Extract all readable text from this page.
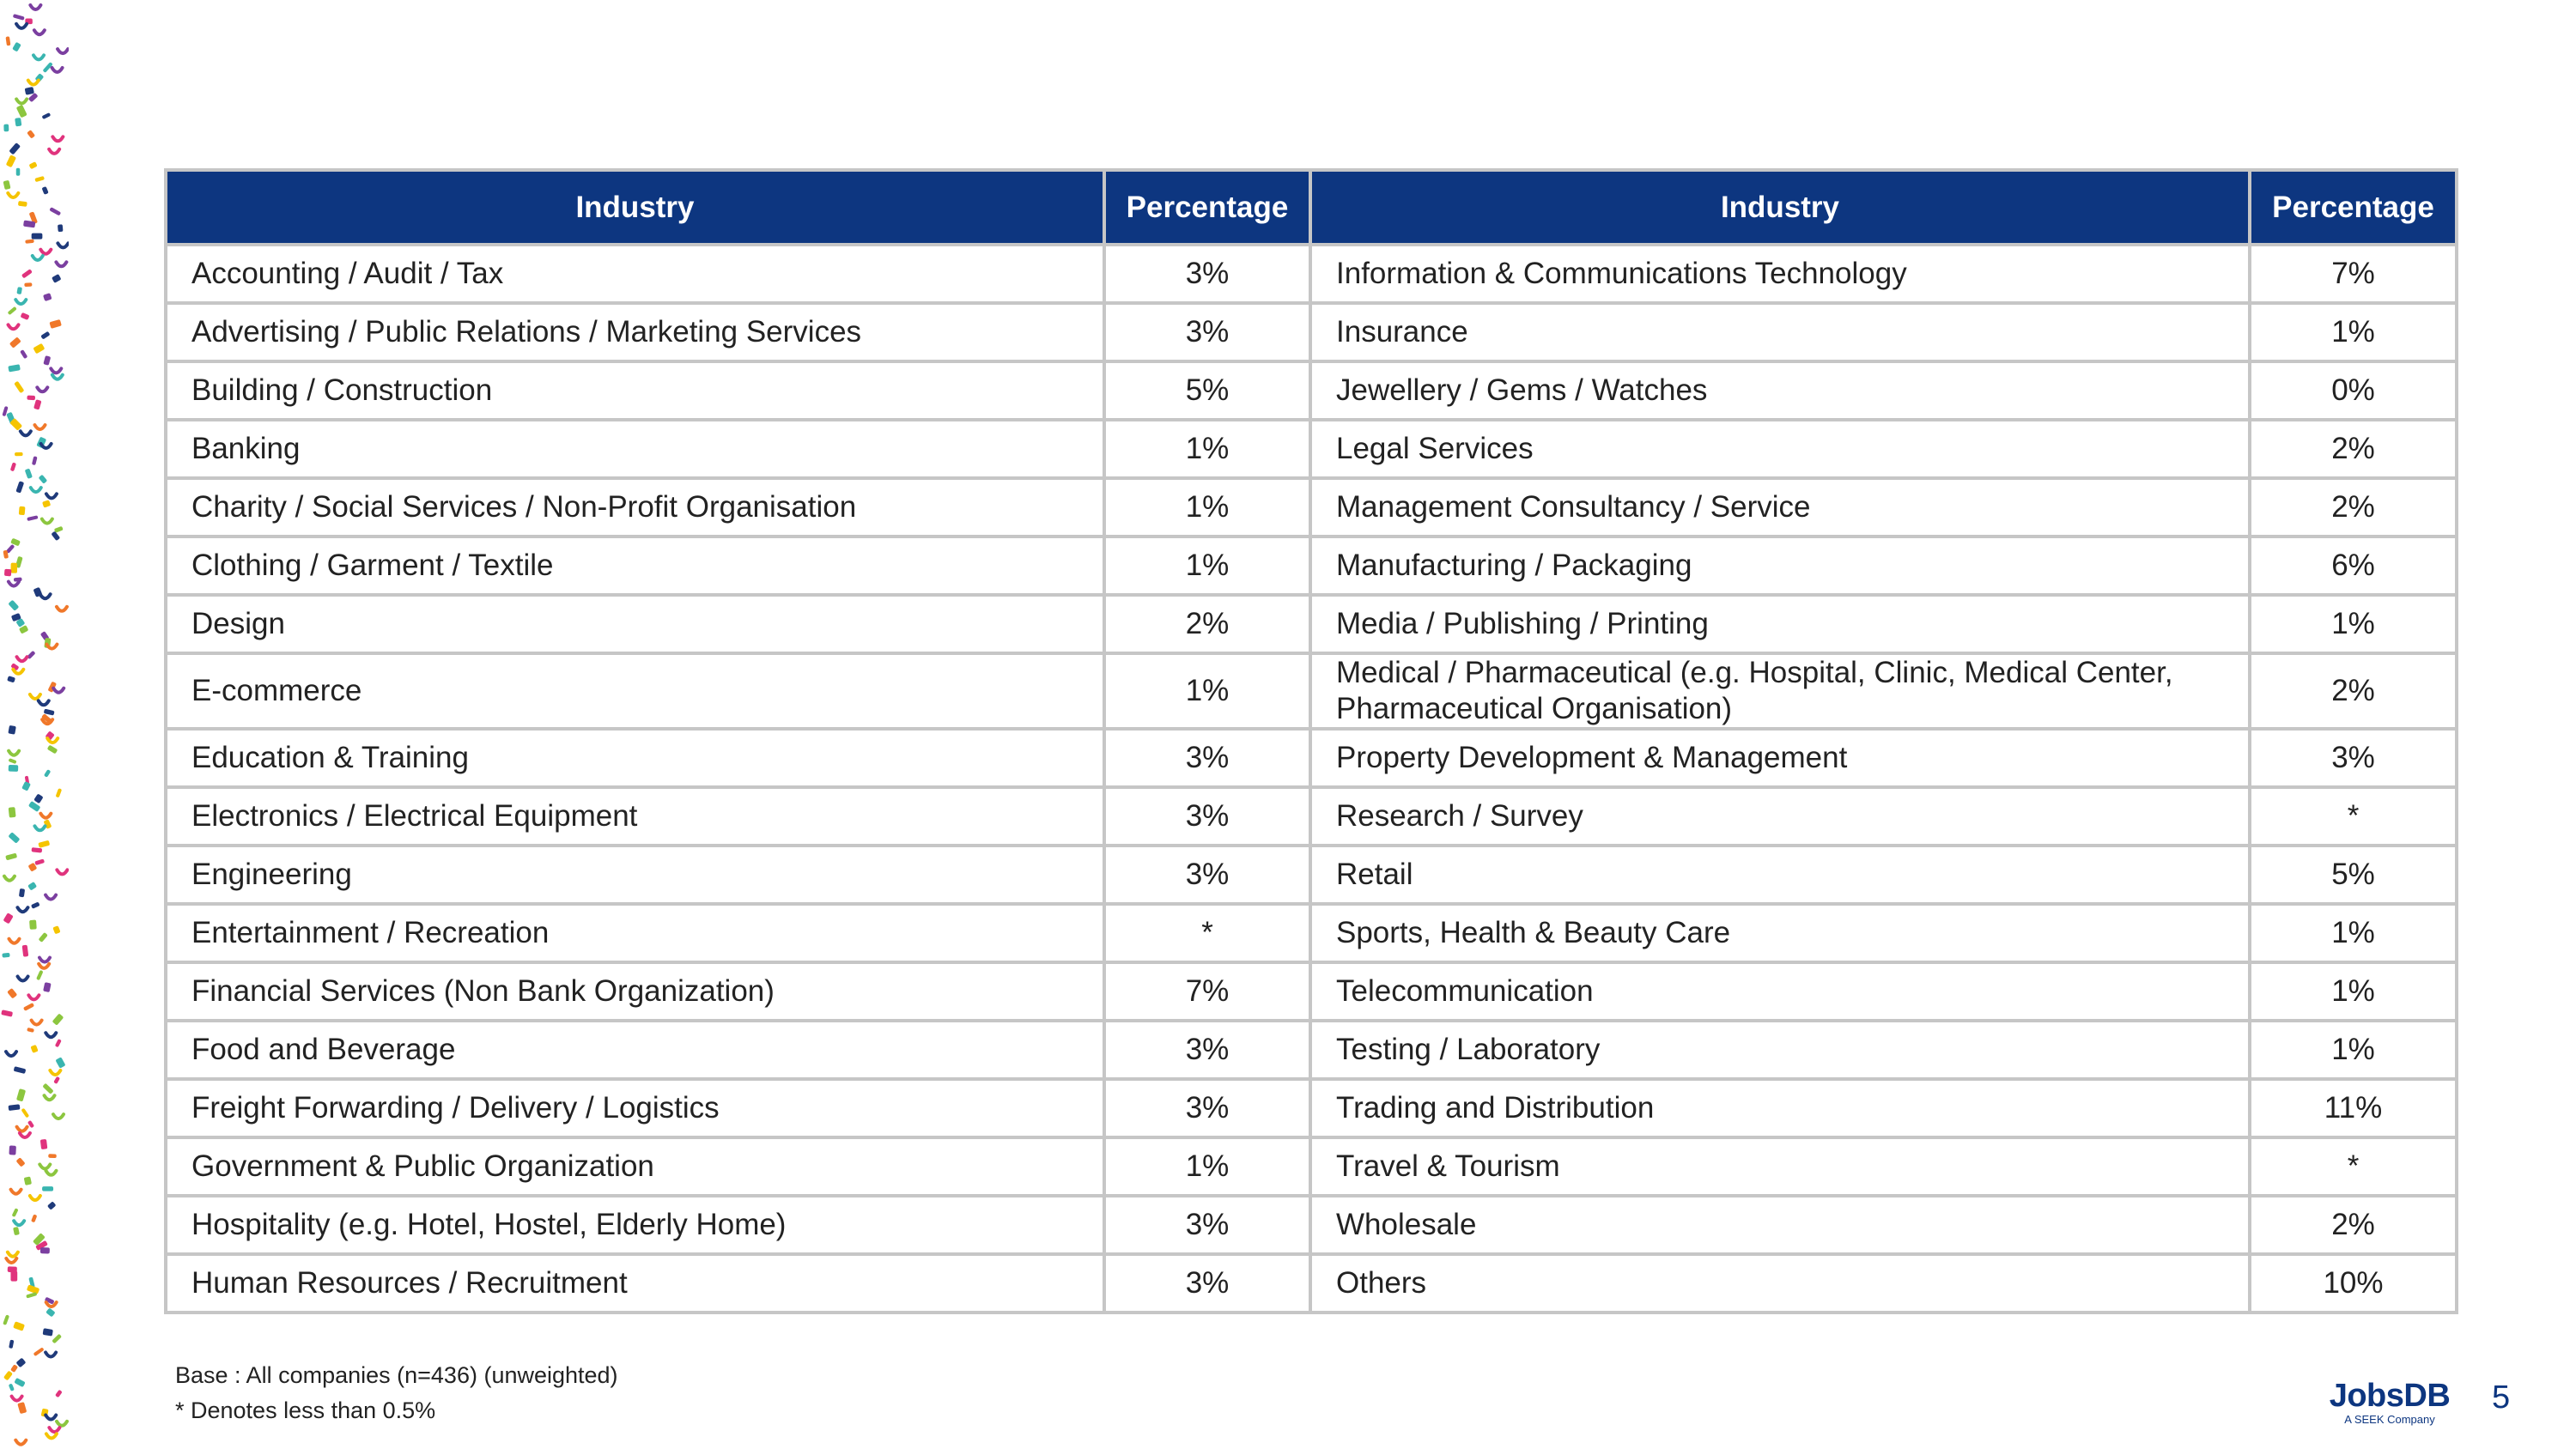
Industry	Percentage	Industry	Percentage
Accounting / Audit / Tax	3%	Information & Communications Technology	7%
Advertising / Public Relations / Marketing Services	3%	Insurance	1%
Building / Construction	5%	Jewellery / Gems / Watches	0%
Banking	1%	Legal Services	2%
Charity / Social Services / Non-Profit Organisation	1%	Management Consultancy / Service	2%
Clothing / Garment / Textile	1%	Manufacturing / Packaging	6%
Design	2%	Media / Publishing / Printing	1%
E-commerce	1%	Medical / Pharmaceutical (e.g. Hospital, Clinic, Medical Center, Pharmaceutical Organisation)	2%
Education & Training	3%	Property Development & Management	3%
Electronics / Electrical Equipment	3%	Research / Survey	*
Engineering	3%	Retail	5%
Entertainment / Recreation	*	Sports, Health & Beauty Care	1%
Financial Services (Non Bank Organization)	7%	Telecommunication	1%
Food and Beverage	3%	Testing / Laboratory	1%
Freight Forwarding / Delivery / Logistics	3%	Trading and Distribution	11%
Government & Public Organization	1%	Travel & Tourism	*
Hospitality (e.g. Hotel, Hostel, Elderly Home)	3%	Wholesale	2%
Human Resources / Recruitment	3%	Others	10%
Base : All companies (n=436) (unweighted)
* Denotes less than 0.5%	JobsDB
A SEEK Company
5
